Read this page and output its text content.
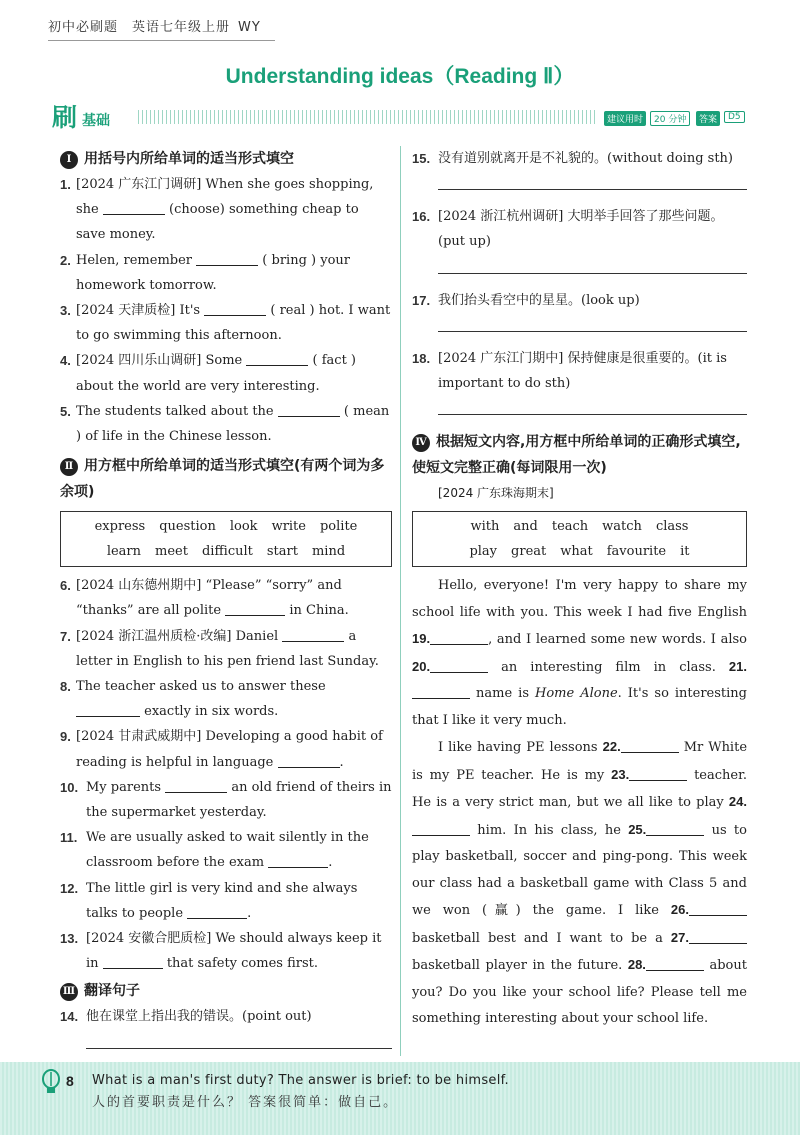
初中必刷题　英语七年级上册 WY
Understanding ideas（Reading Ⅱ）
刷 基础	建议用时	20 分钟	答案	D5
Ⅰ 用括号内所给单词的适当形式填空
1. [2024 广东江门调研] When she goes shopping, she	(choose) something cheap to save money.
2. Helen, remember	( bring ) your homework tomorrow.
3. [2024 天津质检] It's	( real ) hot. I want to go swimming this afternoon.
4. [2024 四川乐山调研] Some	( fact ) about the world are very interesting.
5. The students talked about the	( mean ) of life in the Chinese lesson.
Ⅱ 用方框中所给单词的适当形式填空(有两个词为多余项)
express question look write polite
learn meet difficult start mind
6. [2024 山东德州期中] “Please” “sorry” and “thanks” are all polite	in China.
7. [2024 浙江温州质检·改编] Daniel	a letter in English to his pen friend last Sunday.
8. The teacher asked us to answer these  exactly in six words.
9. [2024 甘肃武威期中] Developing a good habit of reading is helpful in language	.
10. My parents	an old friend of theirs in the supermarket yesterday.
11. We are usually asked to wait silently in the classroom before the exam	.
12. The little girl is very kind and she always talks to people	.
13. [2024 安徽合肥质检] We should always keep it in	that safety comes first.
Ⅲ 翻译句子
14. 他在课堂上指出我的错误。(point out)
15. 没有道别就离开是不礼貌的。(without doing sth)
16. [2024 浙江杭州调研] 大明举手回答了那些问题。(put up)
17. 我们抬头看空中的星星。(look up)
18. [2024 广东江门期中] 保持健康是很重要的。(it is important to do sth)
Ⅳ 根据短文内容,用方框中所给单词的正确形式填空,使短文完整正确(每词限用一次)
[2024 广东珠海期末]
with and teach watch class
play great what favourite it
Hello, everyone! I'm very happy to share my school life with you. This week I had five English 19.	, and I learned some new words. I also 20.	an interesting film in class. 21. name is Home Alone. It's so interesting that I like it very much.
I like having PE lessons 22.	Mr White is my PE teacher. He is my 23.	teacher. He is a very strict man, but we all like to play 24. him. In his class, he 25.	us to play basketball, soccer and ping-pong. This week our class had a basketball game with Class 5 and we won (赢) the game. I like 26. basketball best and I want to be a 27. basketball player in the future. 28.	about you? Do you like your school life? Please tell me something interesting about your school life.
8 What is a man's first duty? The answer is brief: to be himself.
人的首要职责是什么？ 答案很简单：做自己。
